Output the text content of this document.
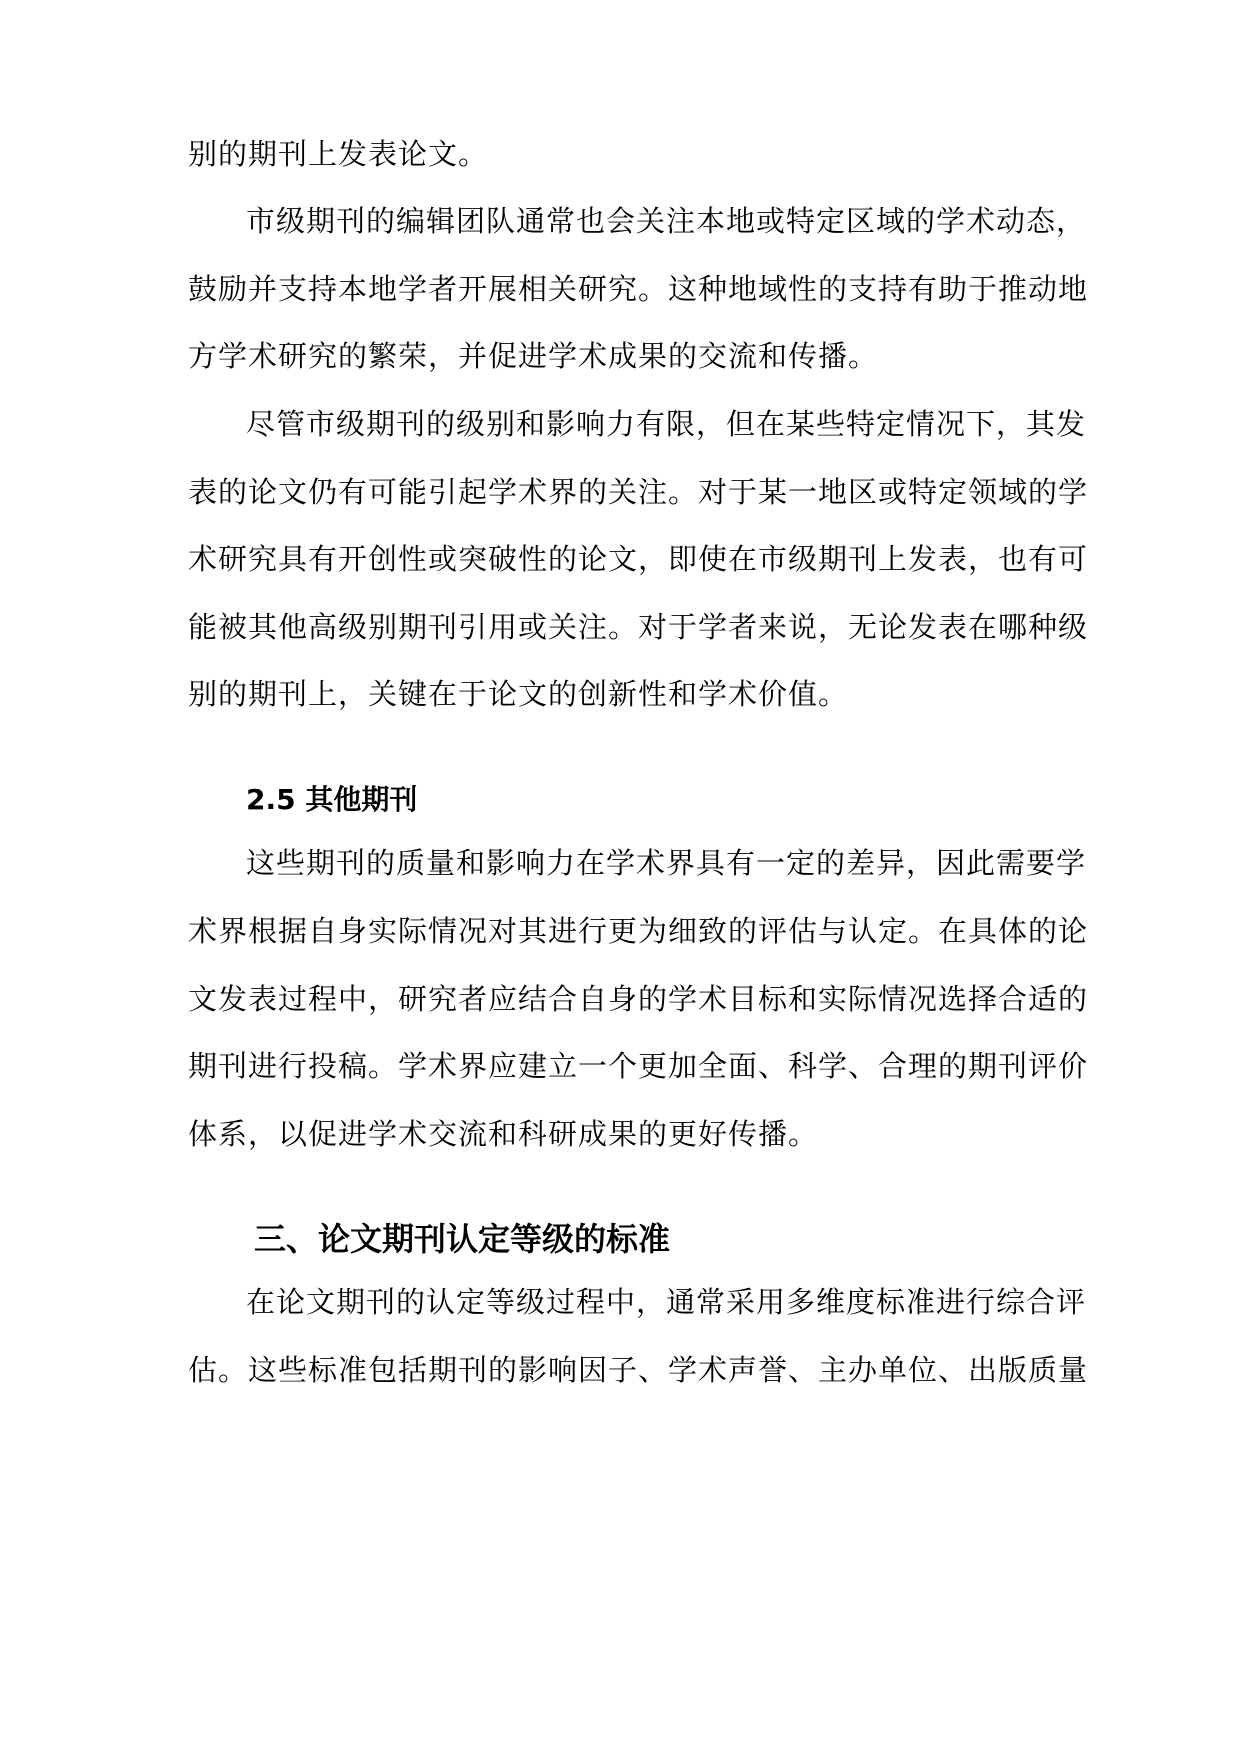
别的期刊上发表论文。
市级期刊的编辑团队通常也会关注本地或特定区域的学术动态，
鼓励并支持本地学者开展相关研究。这种地域性的支持有助于推动地
方学术研究的繁荣，并促进学术成果的交流和传播。
尽管市级期刊的级别和影响力有限，但在某些特定情况下，其发
表的论文仍有可能引起学术界的关注。对于某一地区或特定领域的学
术研究具有开创性或突破性的论文，即使在市级期刊上发表，也有可
能被其他高级别期刊引用或关注。对于学者来说，无论发表在哪种级
别的期刊上，关键在于论文的创新性和学术价值。
2.5 其他期刊
这些期刊的质量和影响力在学术界具有一定的差异，因此需要学
术界根据自身实际情况对其进行更为细致的评估与认定。在具体的论
文发表过程中，研究者应结合自身的学术目标和实际情况选择合适的
期刊进行投稿。学术界应建立一个更加全面、科学、合理的期刊评价
体系，以促进学术交流和科研成果的更好传播。
三、论文期刊认定等级的标准
在论文期刊的认定等级过程中，通常采用多维度标准进行综合评
估。这些标准包括期刊的影响因子、学术声誉、主办单位、出版质量
